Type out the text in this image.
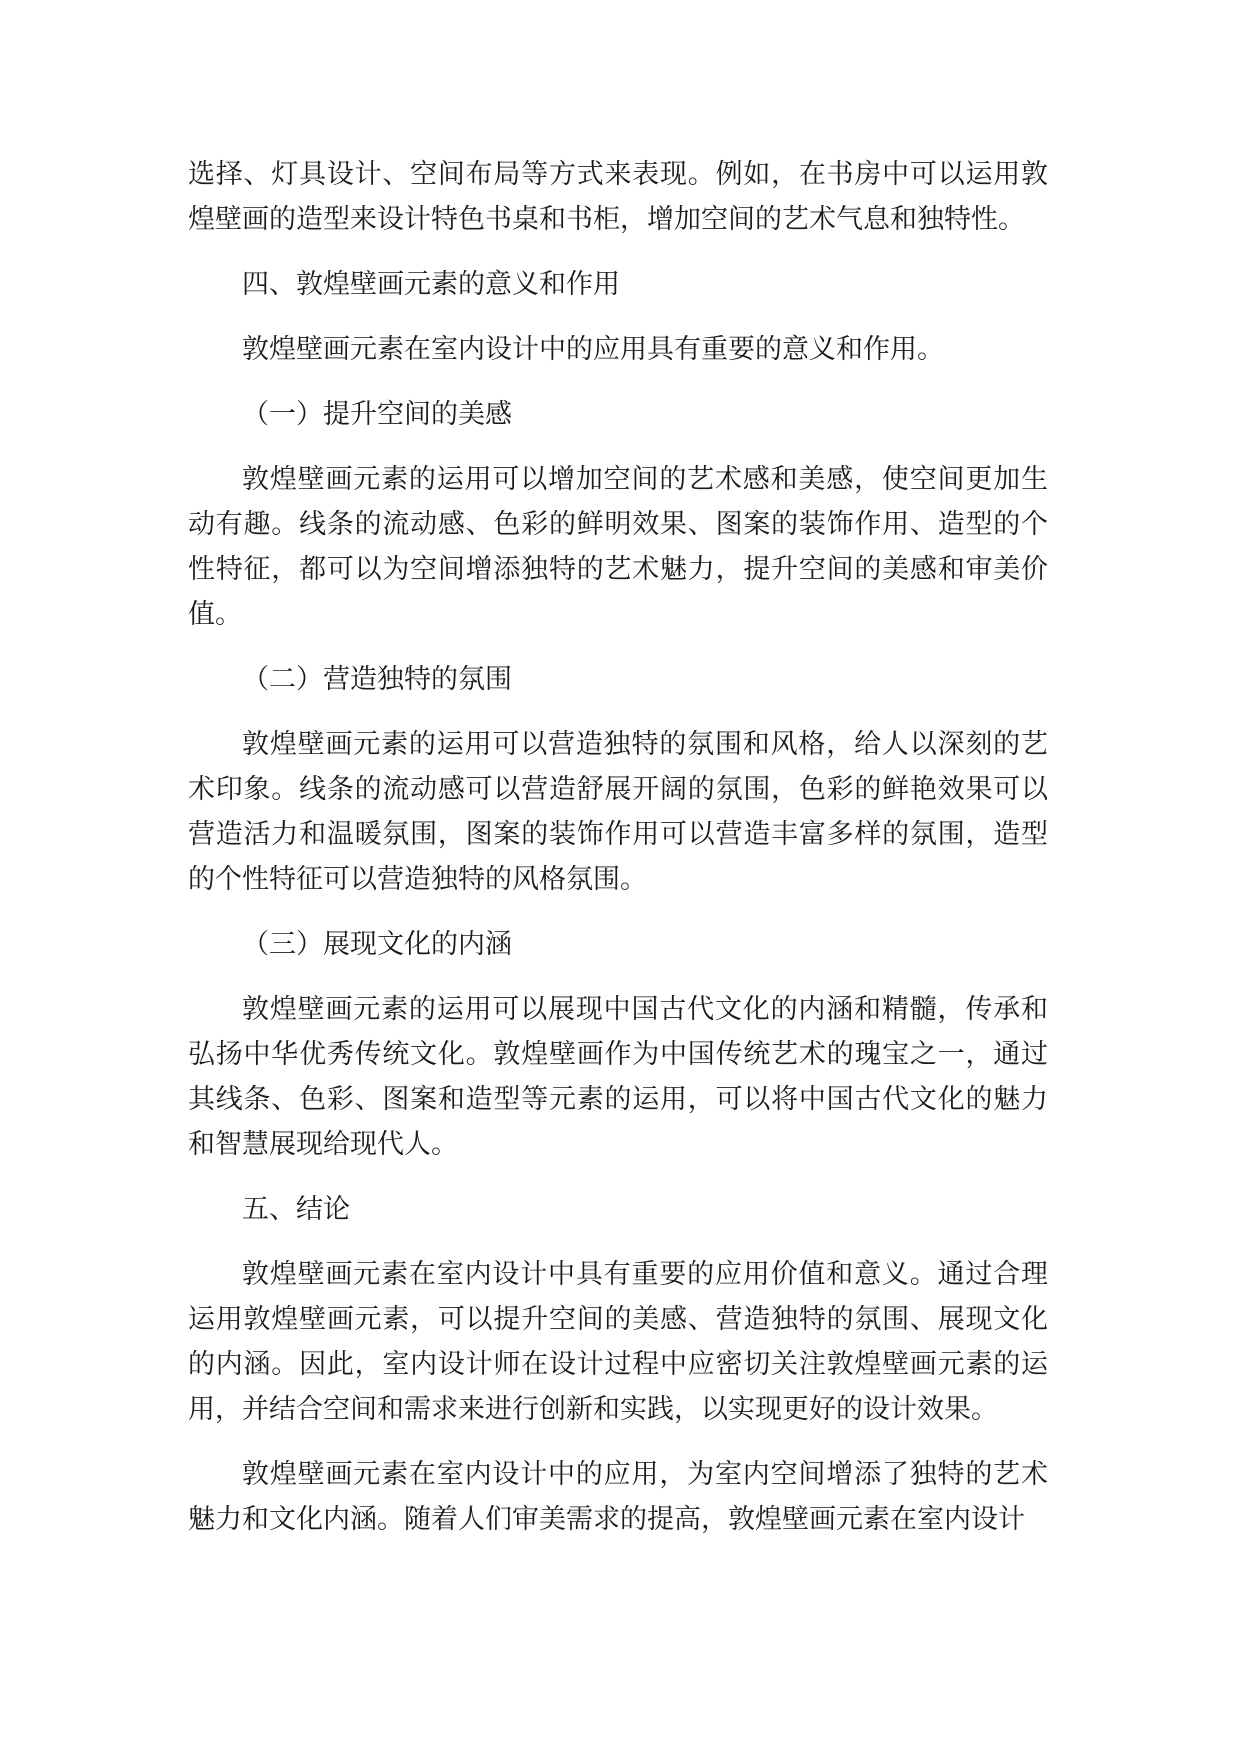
选择、灯具设计、空间布局等方式来表现。例如，在书房中可以运用敦煌壁画的造型来设计特色书桌和书柜，增加空间的艺术气息和独特性。

四、敦煌壁画元素的意义和作用

敦煌壁画元素在室内设计中的应用具有重要的意义和作用。

（一）提升空间的美感

敦煌壁画元素的运用可以增加空间的艺术感和美感，使空间更加生动有趣。线条的流动感、色彩的鲜明效果、图案的装饰作用、造型的个性特征，都可以为空间增添独特的艺术魅力，提升空间的美感和审美价值。

（二）营造独特的氛围

敦煌壁画元素的运用可以营造独特的氛围和风格，给人以深刻的艺术印象。线条的流动感可以营造舒展开阔的氛围，色彩的鲜艳效果可以营造活力和温暖氛围，图案的装饰作用可以营造丰富多样的氛围，造型的个性特征可以营造独特的风格氛围。

（三）展现文化的内涵

敦煌壁画元素的运用可以展现中国古代文化的内涵和精髓，传承和弘扬中华优秀传统文化。敦煌壁画作为中国传统艺术的瑰宝之一，通过其线条、色彩、图案和造型等元素的运用，可以将中国古代文化的魅力和智慧展现给现代人。

五、结论

敦煌壁画元素在室内设计中具有重要的应用价值和意义。通过合理运用敦煌壁画元素，可以提升空间的美感、营造独特的氛围、展现文化的内涵。因此，室内设计师在设计过程中应密切关注敦煌壁画元素的运用，并结合空间和需求来进行创新和实践，以实现更好的设计效果。

敦煌壁画元素在室内设计中的应用，为室内空间增添了独特的艺术魅力和文化内涵。随着人们审美需求的提高，敦煌壁画元素在室内设计
